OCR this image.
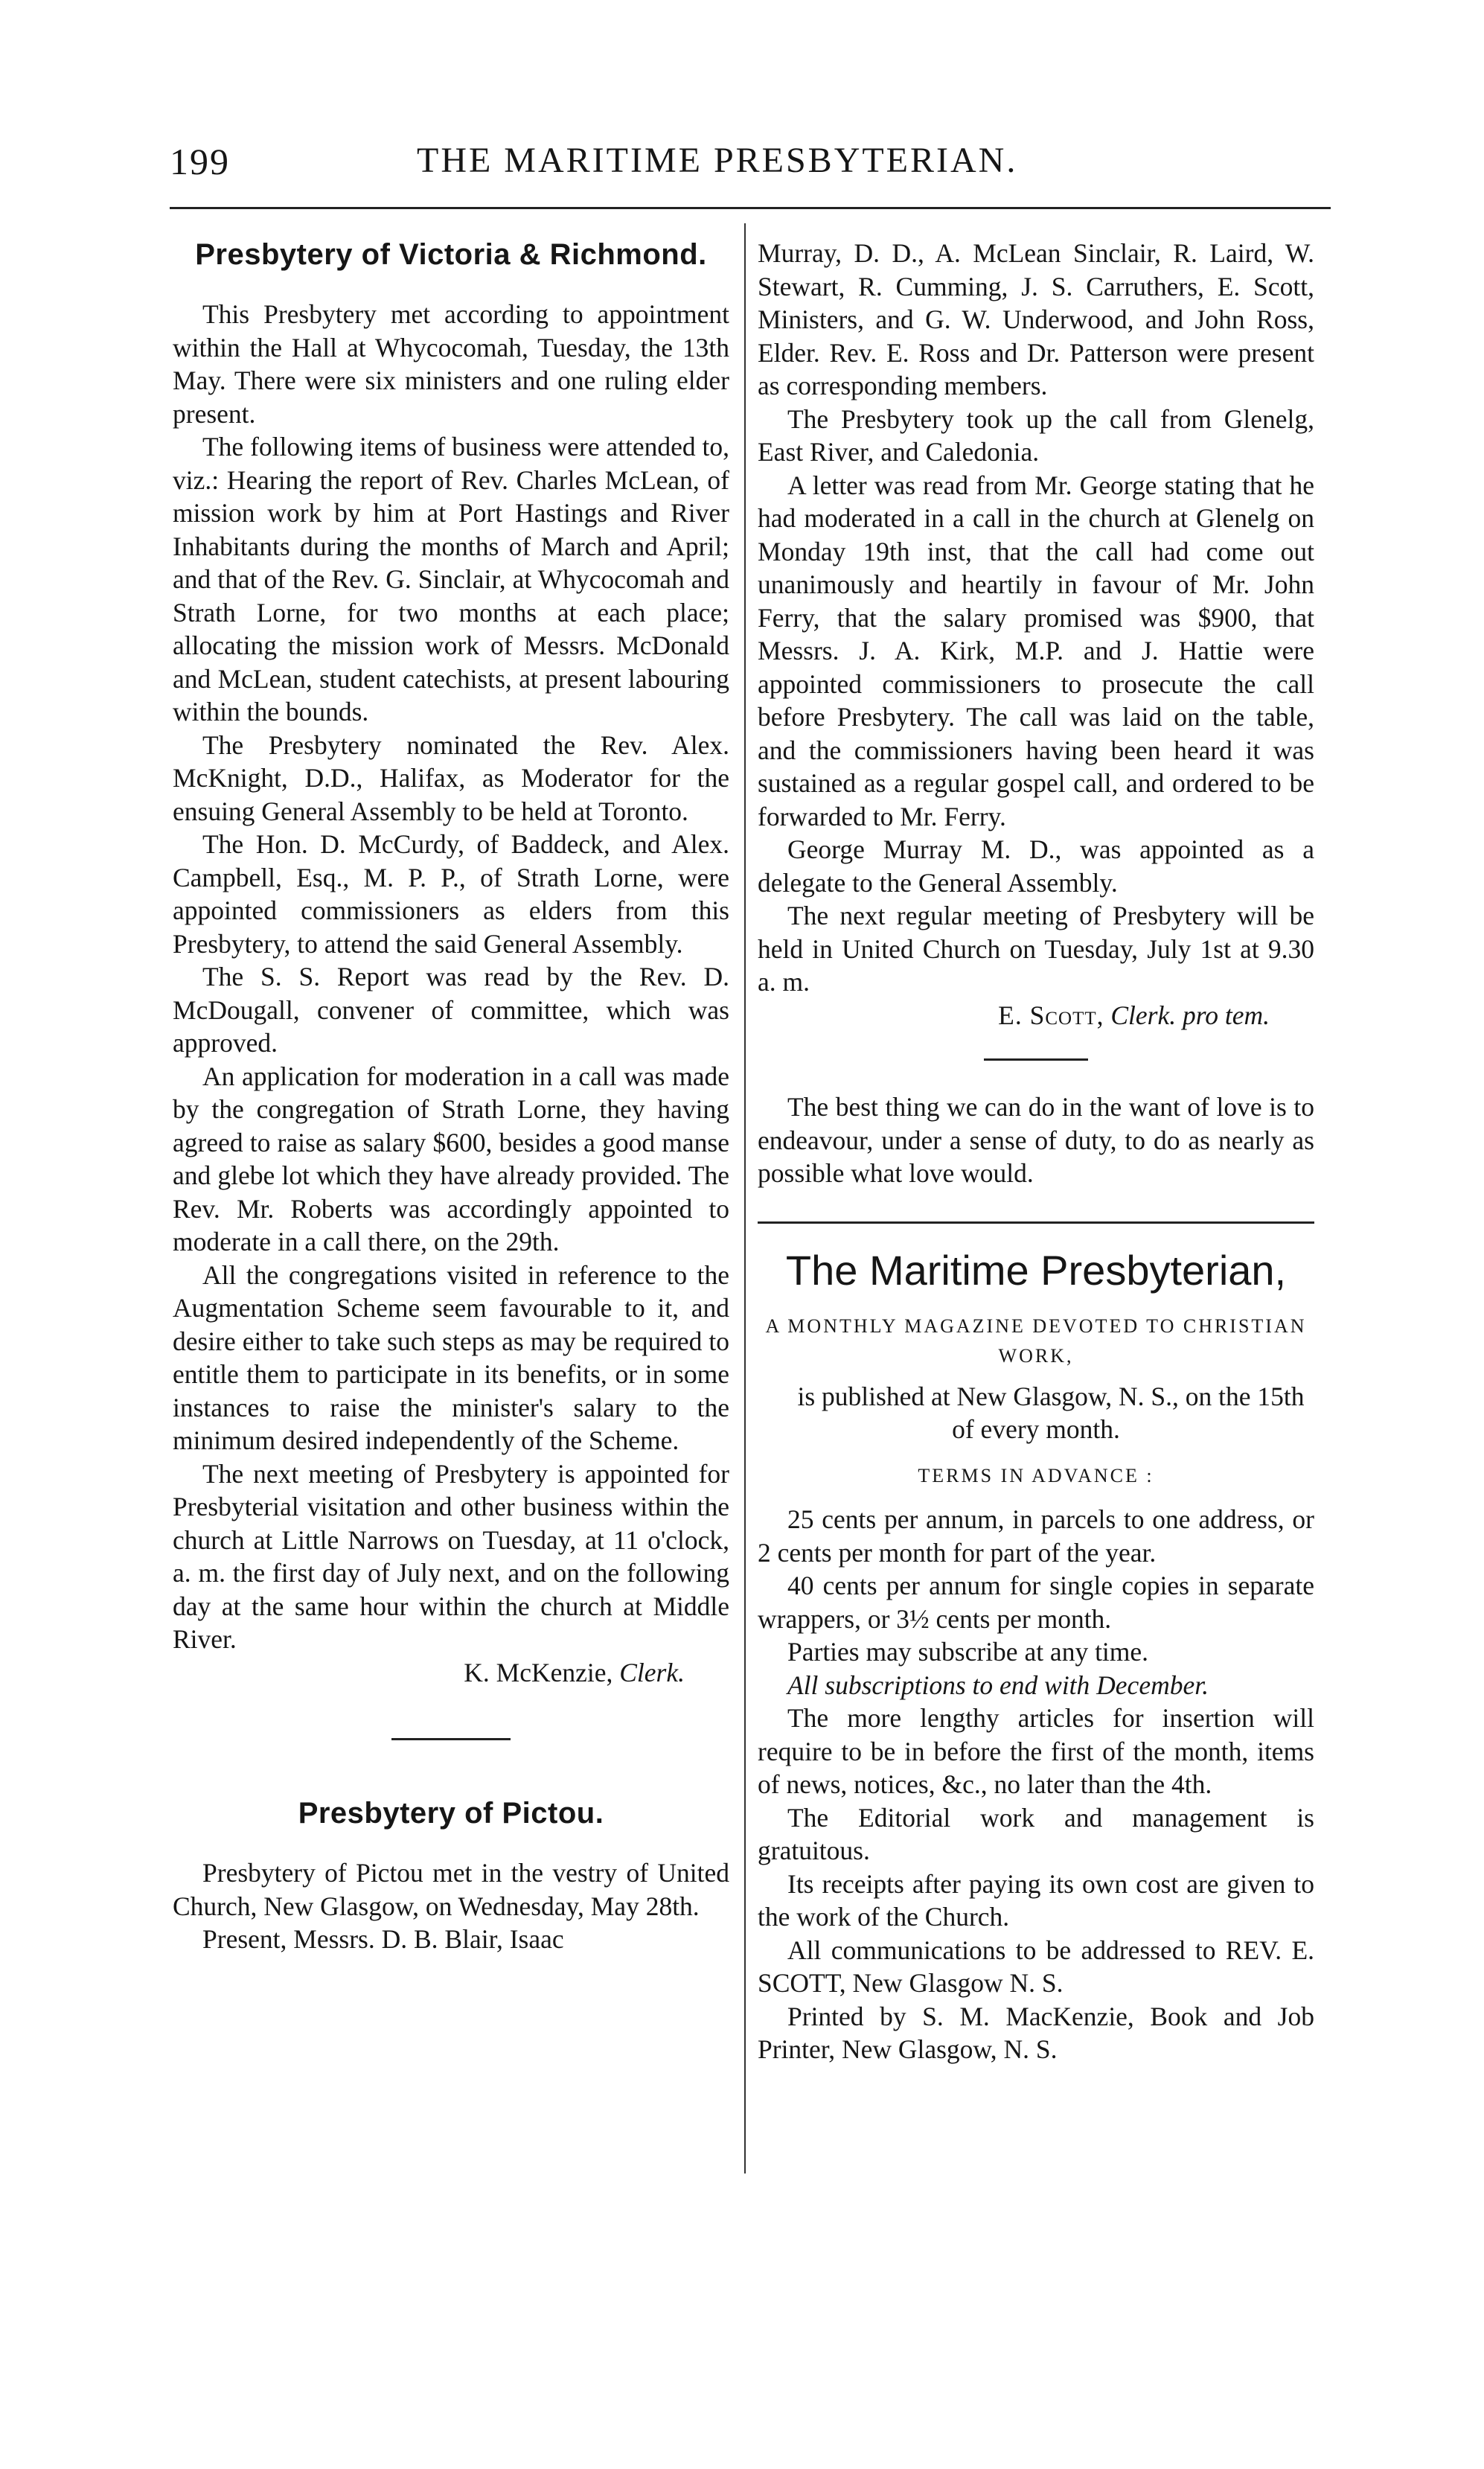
199	THE MARITIME PRESBYTERIAN.
Presbytery of Victoria & Richmond.

This Presbytery met according to appointment within the Hall at Whycocomah, Tuesday, the 13th May. There were six ministers and one ruling elder present.

The following items of business were attended to, viz.: Hearing the report of Rev. Charles McLean, of mission work by him at Port Hastings and River Inhabitants during the months of March and April; and that of the Rev. G. Sinclair, at Whycocomah and Strath Lorne, for two months at each place; allocating the mission work of Messrs. McDonald and McLean, student catechists, at present labouring within the bounds.

The Presbytery nominated the Rev. Alex. McKnight, D.D., Halifax, as Moderator for the ensuing General Assembly to be held at Toronto.

The Hon. D. McCurdy, of Baddeck, and Alex. Campbell, Esq., M. P. P., of Strath Lorne, were appointed commissioners as elders from this Presbytery, to attend the said General Assembly.

The S. S. Report was read by the Rev. D. McDougall, convener of committee, which was approved.

An application for moderation in a call was made by the congregation of Strath Lorne, they having agreed to raise as salary $600, besides a good manse and glebe lot which they have already provided. The Rev. Mr. Roberts was accordingly appointed to moderate in a call there, on the 29th.

All the congregations visited in reference to the Augmentation Scheme seem favourable to it, and desire either to take such steps as may be required to entitle them to participate in its benefits, or in some instances to raise the minister's salary to the minimum desired independently of the Scheme.

The next meeting of Presbytery is appointed for Presbyterial visitation and other business within the church at Little Narrows on Tuesday, at 11 o'clock, a. m. the first day of July next, and on the following day at the same hour within the church at Middle River.

K. McKenzie, Clerk.

Presbytery of Pictou.

Presbytery of Pictou met in the vestry of United Church, New Glasgow, on Wednesday, May 28th.

Present, Messrs. D. B. Blair, Isaac

Murray, D. D., A. McLean Sinclair, R. Laird, W. Stewart, R. Cumming, J. S. Carruthers, E. Scott, Ministers, and G. W. Underwood, and John Ross, Elder. Rev. E. Ross and Dr. Patterson were present as corresponding members.

The Presbytery took up the call from Glenelg, East River, and Caledonia.

A letter was read from Mr. George stating that he had moderated in a call in the church at Glenelg on Monday 19th inst, that the call had come out unanimously and heartily in favour of Mr. John Ferry, that the salary promised was $900, that Messrs. J. A. Kirk, M.P. and J. Hattie were appointed commissioners to prosecute the call before Presbytery. The call was laid on the table, and the commissioners having been heard it was sustained as a regular gospel call, and ordered to be forwarded to Mr. Ferry.

George Murray M. D., was appointed as a delegate to the General Assembly.

The next regular meeting of Presbytery will be held in United Church on Tuesday, July 1st at 9.30 a. m.

E. Scott, Clerk. pro tem.

The best thing we can do in the want of love is to endeavour, under a sense of duty, to do as nearly as possible what love would.

The Maritime Presbyterian,
A MONTHLY MAGAZINE DEVOTED TO CHRISTIAN WORK,

is published at New Glasgow, N. S., on the 15th of every month.

TERMS IN ADVANCE :

25 cents per annum, in parcels to one address, or 2 cents per month for part of the year.

40 cents per annum for single copies in separate wrappers, or 3½ cents per month.

Parties may subscribe at any time.

All subscriptions to end with December.

The more lengthy articles for insertion will require to be in before the first of the month, items of news, notices, &c., no later than the 4th.

The Editorial work and management is gratuitous.

Its receipts after paying its own cost are given to the work of the Church.

All communications to be addressed to REV. E. SCOTT, New Glasgow N. S.

Printed by S. M. MacKenzie, Book and Job Printer, New Glasgow, N. S.
